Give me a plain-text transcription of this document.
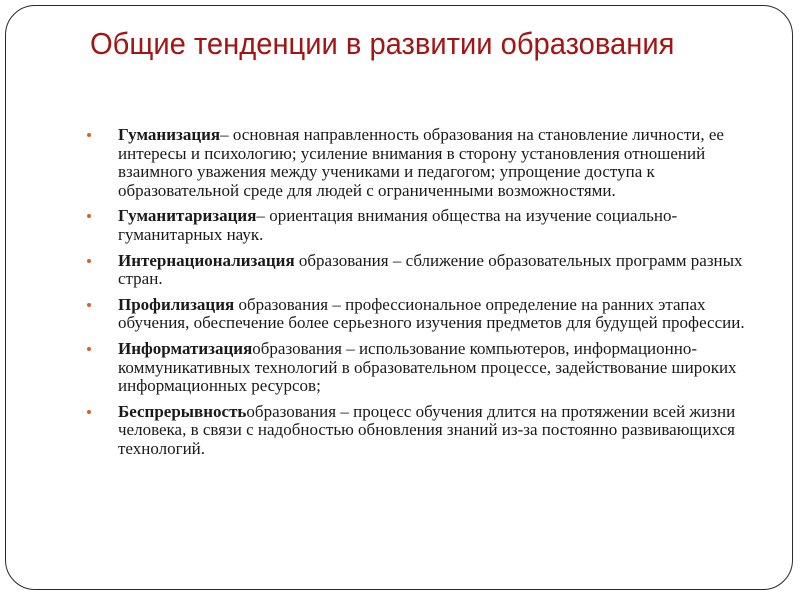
Общие тенденции в развитии образования
Гуманизация– основная направленность образования на становление личности, ее интересы и психологию; усиление внимания в сторону установления отношений взаимного уважения между учениками и педагогом; упрощение доступа к образовательной среде для людей с ограниченными возможностями.
Гуманитаризация– ориентация внимания общества на изучение социально-гуманитарных наук.
Интернационализация образования – сближение образовательных программ разных стран.
Профилизация образования – профессиональное определение на ранних этапах обучения, обеспечение более серьезного изучения предметов для будущей профессии.
Информатизацияобразования – использование компьютеров, информационно-коммуникативных технологий в образовательном процессе, задействование широких информационных ресурсов;
Беспрерывностьобразования – процесс обучения длится на протяжении всей жизни человека, в связи с надобностью обновления знаний из-за постоянно развивающихся технологий.
